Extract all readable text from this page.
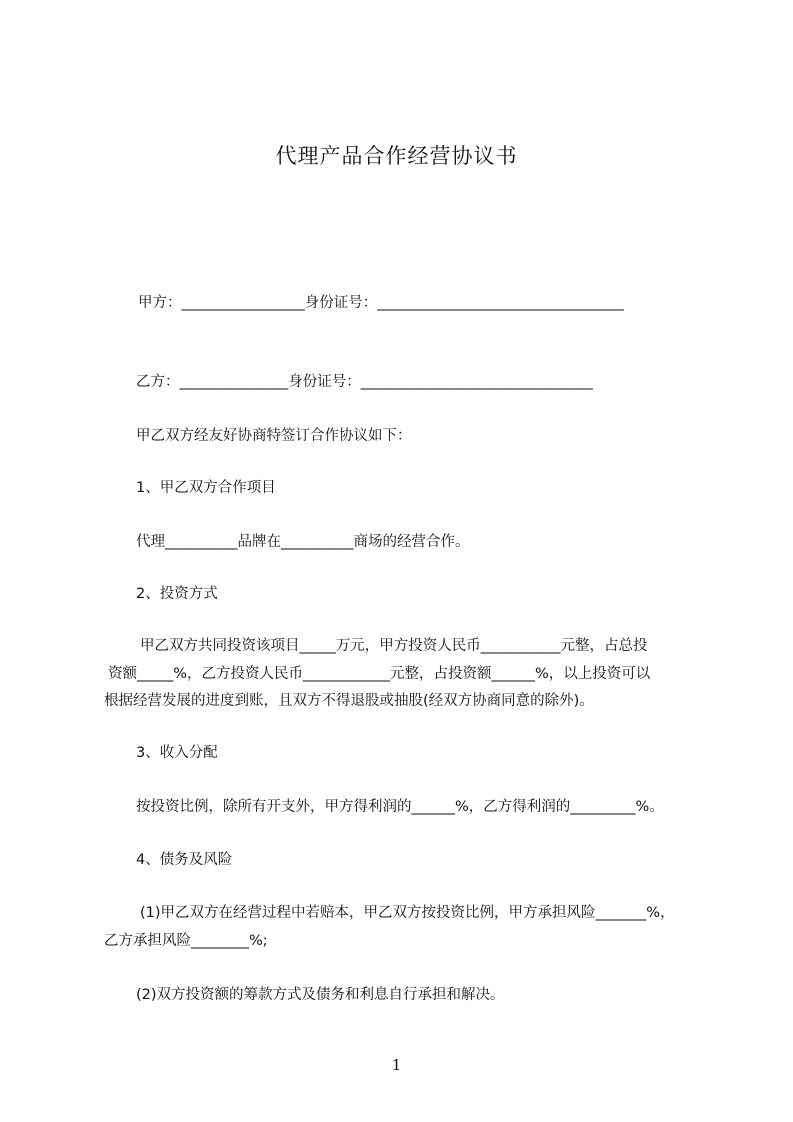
代理产品合作经营协议书
甲方：_________________身份证号：__________________________________
乙方：_______________身份证号：________________________________
甲乙双方经友好协商特签订合作协议如下：
1、甲乙双方合作项目
代理__________品牌在__________商场的经营合作。
2、投资方式
甲乙双方共同投资该项目_____万元，甲方投资人民币___________元整，占总投
资额_____%，乙方投资人民币____________元整，占投资额______%，以上投资可以
根据经营发展的进度到账，且双方不得退股或抽股(经双方协商同意的除外)。
3、收入分配
按投资比例，除所有开支外，甲方得利润的______%，乙方得利润的_________%。
4、债务及风险
(1)甲乙双方在经营过程中若赔本，甲乙双方按投资比例，甲方承担风险_______%，
乙方承担风险________%;
(2)双方投资额的筹款方式及债务和利息自行承担和解决。
1
